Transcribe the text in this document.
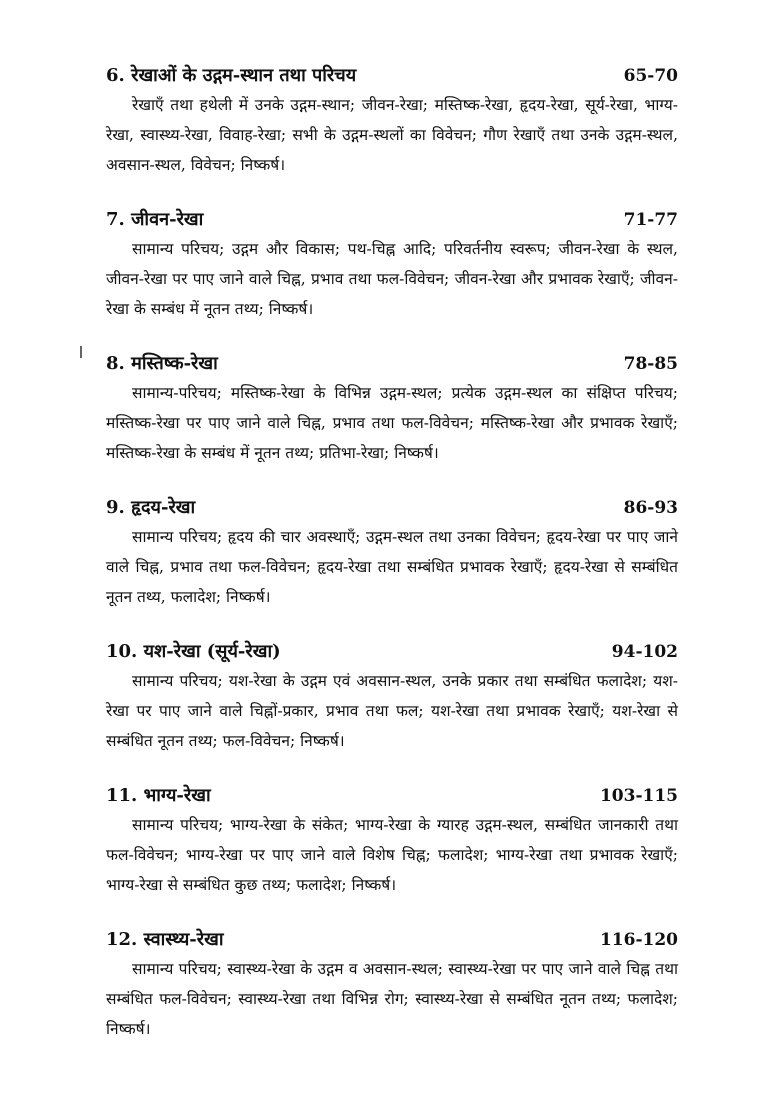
6. रेखाओं के उद्गम-स्थान तथा परिचय	65-70

रेखाएँ तथा हथेली में उनके उद्गम-स्थान; जीवन-रेखा; मस्तिष्क-रेखा, हृदय-रेखा, सूर्य-रेखा, भाग्य-रेखा, स्वास्थ्य-रेखा, विवाह-रेखा; सभी के उद्गम-स्थलों का विवेचन; गौण रेखाएँ तथा उनके उद्गम-स्थल, अवसान-स्थल, विवेचन; निष्कर्ष।

7. जीवन-रेखा	71-77

सामान्य परिचय; उद्गम और विकास; पथ-चिह्न आदि; परिवर्तनीय स्वरूप; जीवन-रेखा के स्थल, जीवन-रेखा पर पाए जाने वाले चिह्न, प्रभाव तथा फल-विवेचन; जीवन-रेखा और प्रभावक रेखाएँ; जीवन-रेखा के सम्बंध में नूतन तथ्य; निष्कर्ष।

8. मस्तिष्क-रेखा	78-85

सामान्य-परिचय; मस्तिष्क-रेखा के विभिन्न उद्गम-स्थल; प्रत्येक उद्गम-स्थल का संक्षिप्त परिचय; मस्तिष्क-रेखा पर पाए जाने वाले चिह्न, प्रभाव तथा फल-विवेचन; मस्तिष्क-रेखा और प्रभावक रेखाएँ; मस्तिष्क-रेखा के सम्बंध में नूतन तथ्य; प्रतिभा-रेखा; निष्कर्ष।

9. हृदय-रेखा	86-93

सामान्य परिचय; हृदय की चार अवस्थाएँ; उद्गम-स्थल तथा उनका विवेचन; हृदय-रेखा पर पाए जाने वाले चिह्न, प्रभाव तथा फल-विवेचन; हृदय-रेखा तथा सम्बंधित प्रभावक रेखाएँ; हृदय-रेखा से सम्बंधित नूतन तथ्य, फलादेश; निष्कर्ष।

10. यश-रेखा (सूर्य-रेखा)	94-102

सामान्य परिचय; यश-रेखा के उद्गम एवं अवसान-स्थल, उनके प्रकार तथा सम्बंधित फलादेश; यश-रेखा पर पाए जाने वाले चिह्नों-प्रकार, प्रभाव तथा फल; यश-रेखा तथा प्रभावक रेखाएँ; यश-रेखा से सम्बंधित नूतन तथ्य; फल-विवेचन; निष्कर्ष।

11. भाग्य-रेखा	103-115

सामान्य परिचय; भाग्य-रेखा के संकेत; भाग्य-रेखा के ग्यारह उद्गम-स्थल, सम्बंधित जानकारी तथा फल-विवेचन; भाग्य-रेखा पर पाए जाने वाले विशेष चिह्न; फलादेश; भाग्य-रेखा तथा प्रभावक रेखाएँ; भाग्य-रेखा से सम्बंधित कुछ तथ्य; फलादेश; निष्कर्ष।

12. स्वास्थ्य-रेखा	116-120

सामान्य परिचय; स्वास्थ्य-रेखा के उद्गम व अवसान-स्थल; स्वास्थ्य-रेखा पर पाए जाने वाले चिह्न तथा सम्बंधित फल-विवेचन; स्वास्थ्य-रेखा तथा विभिन्न रोग; स्वास्थ्य-रेखा से सम्बंधित नूतन तथ्य; फलादेश; निष्कर्ष।
